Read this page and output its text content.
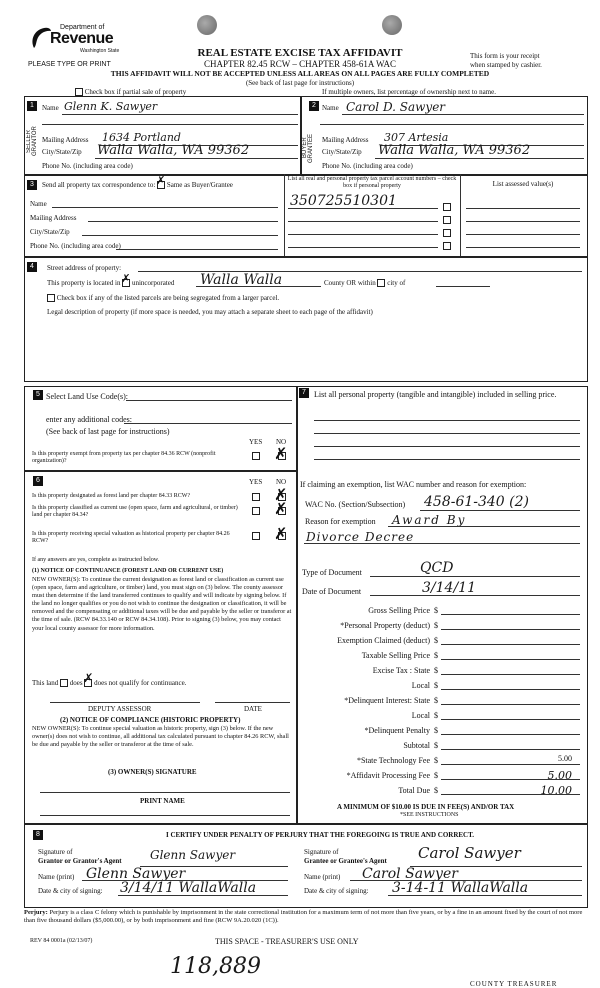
Department of
Revenue
Washington State
PLEASE TYPE OR PRINT
REAL ESTATE EXCISE TAX AFFIDAVIT
CHAPTER 82.45 RCW – CHAPTER 458-61A WAC
THIS AFFIDAVIT WILL NOT BE ACCEPTED UNLESS ALL AREAS ON ALL PAGES ARE FULLY COMPLETED
(See back of last page for instructions)
This form is your receipt
when stamped by cashier.
Check box if partial sale of property	If multiple owners, list percentage of ownership next to name.
1	2
SELLER GRANTOR	BUYER GRANTEE
Name Glenn K. Sawyer
Mailing Address 1634 Portland
City/State/Zip Walla Walla, WA 99362
Phone No. (including area code)
Name Carol D. Sawyer
Mailing Address 307 Artesia
City/State/Zip Walla Walla, WA 99362
Phone No. (including area code)
3	Send all property tax correspondence to: ✗ Same as Buyer/Grantee
Name
Mailing Address
City/State/Zip
Phone No. (including area code)
List all real and personal property tax parcel account numbers – check box if personal property	List assessed value(s)
350725510301

4	Street address of property:
This property is located in ✗ unincorporated Walla Walla	County OR within city of
Check box if any of the listed parcels are being segregated from a larger parcel.
Legal description of property (if more space is needed, you may attach a separate sheet to each page of the affidavit)
5 Select Land Use Code(s):
enter any additional codes:
(See back of last page for instructions)
YES NO
Is this property exempt from property tax per chapter 84.36 RCW (nonprofit organization)?	✗
6	YES NO
Is this property designated as forest land per chapter 84.33 RCW?	✗
Is this property classified as current use (open space, farm and agricultural, or timber) land per chapter 84.34?	✗
Is this property receiving special valuation as historical property per chapter 84.26 RCW?	✗
If any answers are yes, complete as instructed below.
(1) NOTICE OF CONTINUANCE (FOREST LAND OR CURRENT USE)
NEW OWNER(S): To continue the current designation as forest land or classification as current use (open space, farm and agriculture, or timber) land, you must sign on (3) below. The county assessor must then determine if the land transferred continues to qualify and will indicate by signing below. If the land no longer qualifies or you do not wish to continue the designation or classification, it will be removed and the compensating or additional taxes will be due and payable by the seller or transferor at the time of sale. (RCW 84.33.140 or RCW 84.34.108). Prior to signing (3) below, you may contact your local county assessor for more information.
This land does ✗ does not qualify for continuance.
DEPUTY ASSESSOR	DATE
(2) NOTICE OF COMPLIANCE (HISTORIC PROPERTY)
NEW OWNER(S): To continue special valuation as historic property, sign (3) below. If the new owner(s) does not wish to continue, all additional tax calculated pursuant to chapter 84.26 RCW, shall be due and payable by the seller or transferor at the time of sale.
(3) OWNER(S) SIGNATURE
PRINT NAME
7	List all personal property (tangible and intangible) included in selling price.
If claiming an exemption, list WAC number and reason for exemption:
WAC No. (Section/Subsection) 458-61-340 (2)
Reason for exemption Award By
Divorce Decree
Type of Document	QCD
Date of Document	3/14/11
Gross Selling Price $
*Personal Property (deduct) $
Exemption Claimed (deduct) $
Taxable Selling Price $
Excise Tax : State $
Local $
*Delinquent Interest: State $
Local $
*Delinquent Penalty $
Subtotal $
*State Technology Fee $	5.00
*Affidavit Processing Fee $	5.00
Total Due $	10.00
A MINIMUM OF $10.00 IS DUE IN FEE(S) AND/OR TAX
*SEE INSTRUCTIONS
8	I CERTIFY UNDER PENALTY OF PERJURY THAT THE FOREGOING IS TRUE AND CORRECT.
Signature of
Grantor or Grantor's Agent Glenn Sawyer
Name (print) Glenn Sawyer
Date & city of signing: 3/14/11 WallaWalla
Signature of
Grantee or Grantee's Agent Carol Sawyer
Name (print) Carol Sawyer
Date & city of signing: 3-14-11 WallaWalla
Perjury: Perjury is a class C felony which is punishable by imprisonment in the state correctional institution for a maximum term of not more than five years, or by a fine in an amount fixed by the court of not more than five thousand dollars ($5,000.00), or by both imprisonment and fine (RCW 9A.20.020 (1C)).
REV 84 0001a (02/13/07)	THIS SPACE - TREASURER'S USE ONLY
118,889
COUNTY TREASURER
